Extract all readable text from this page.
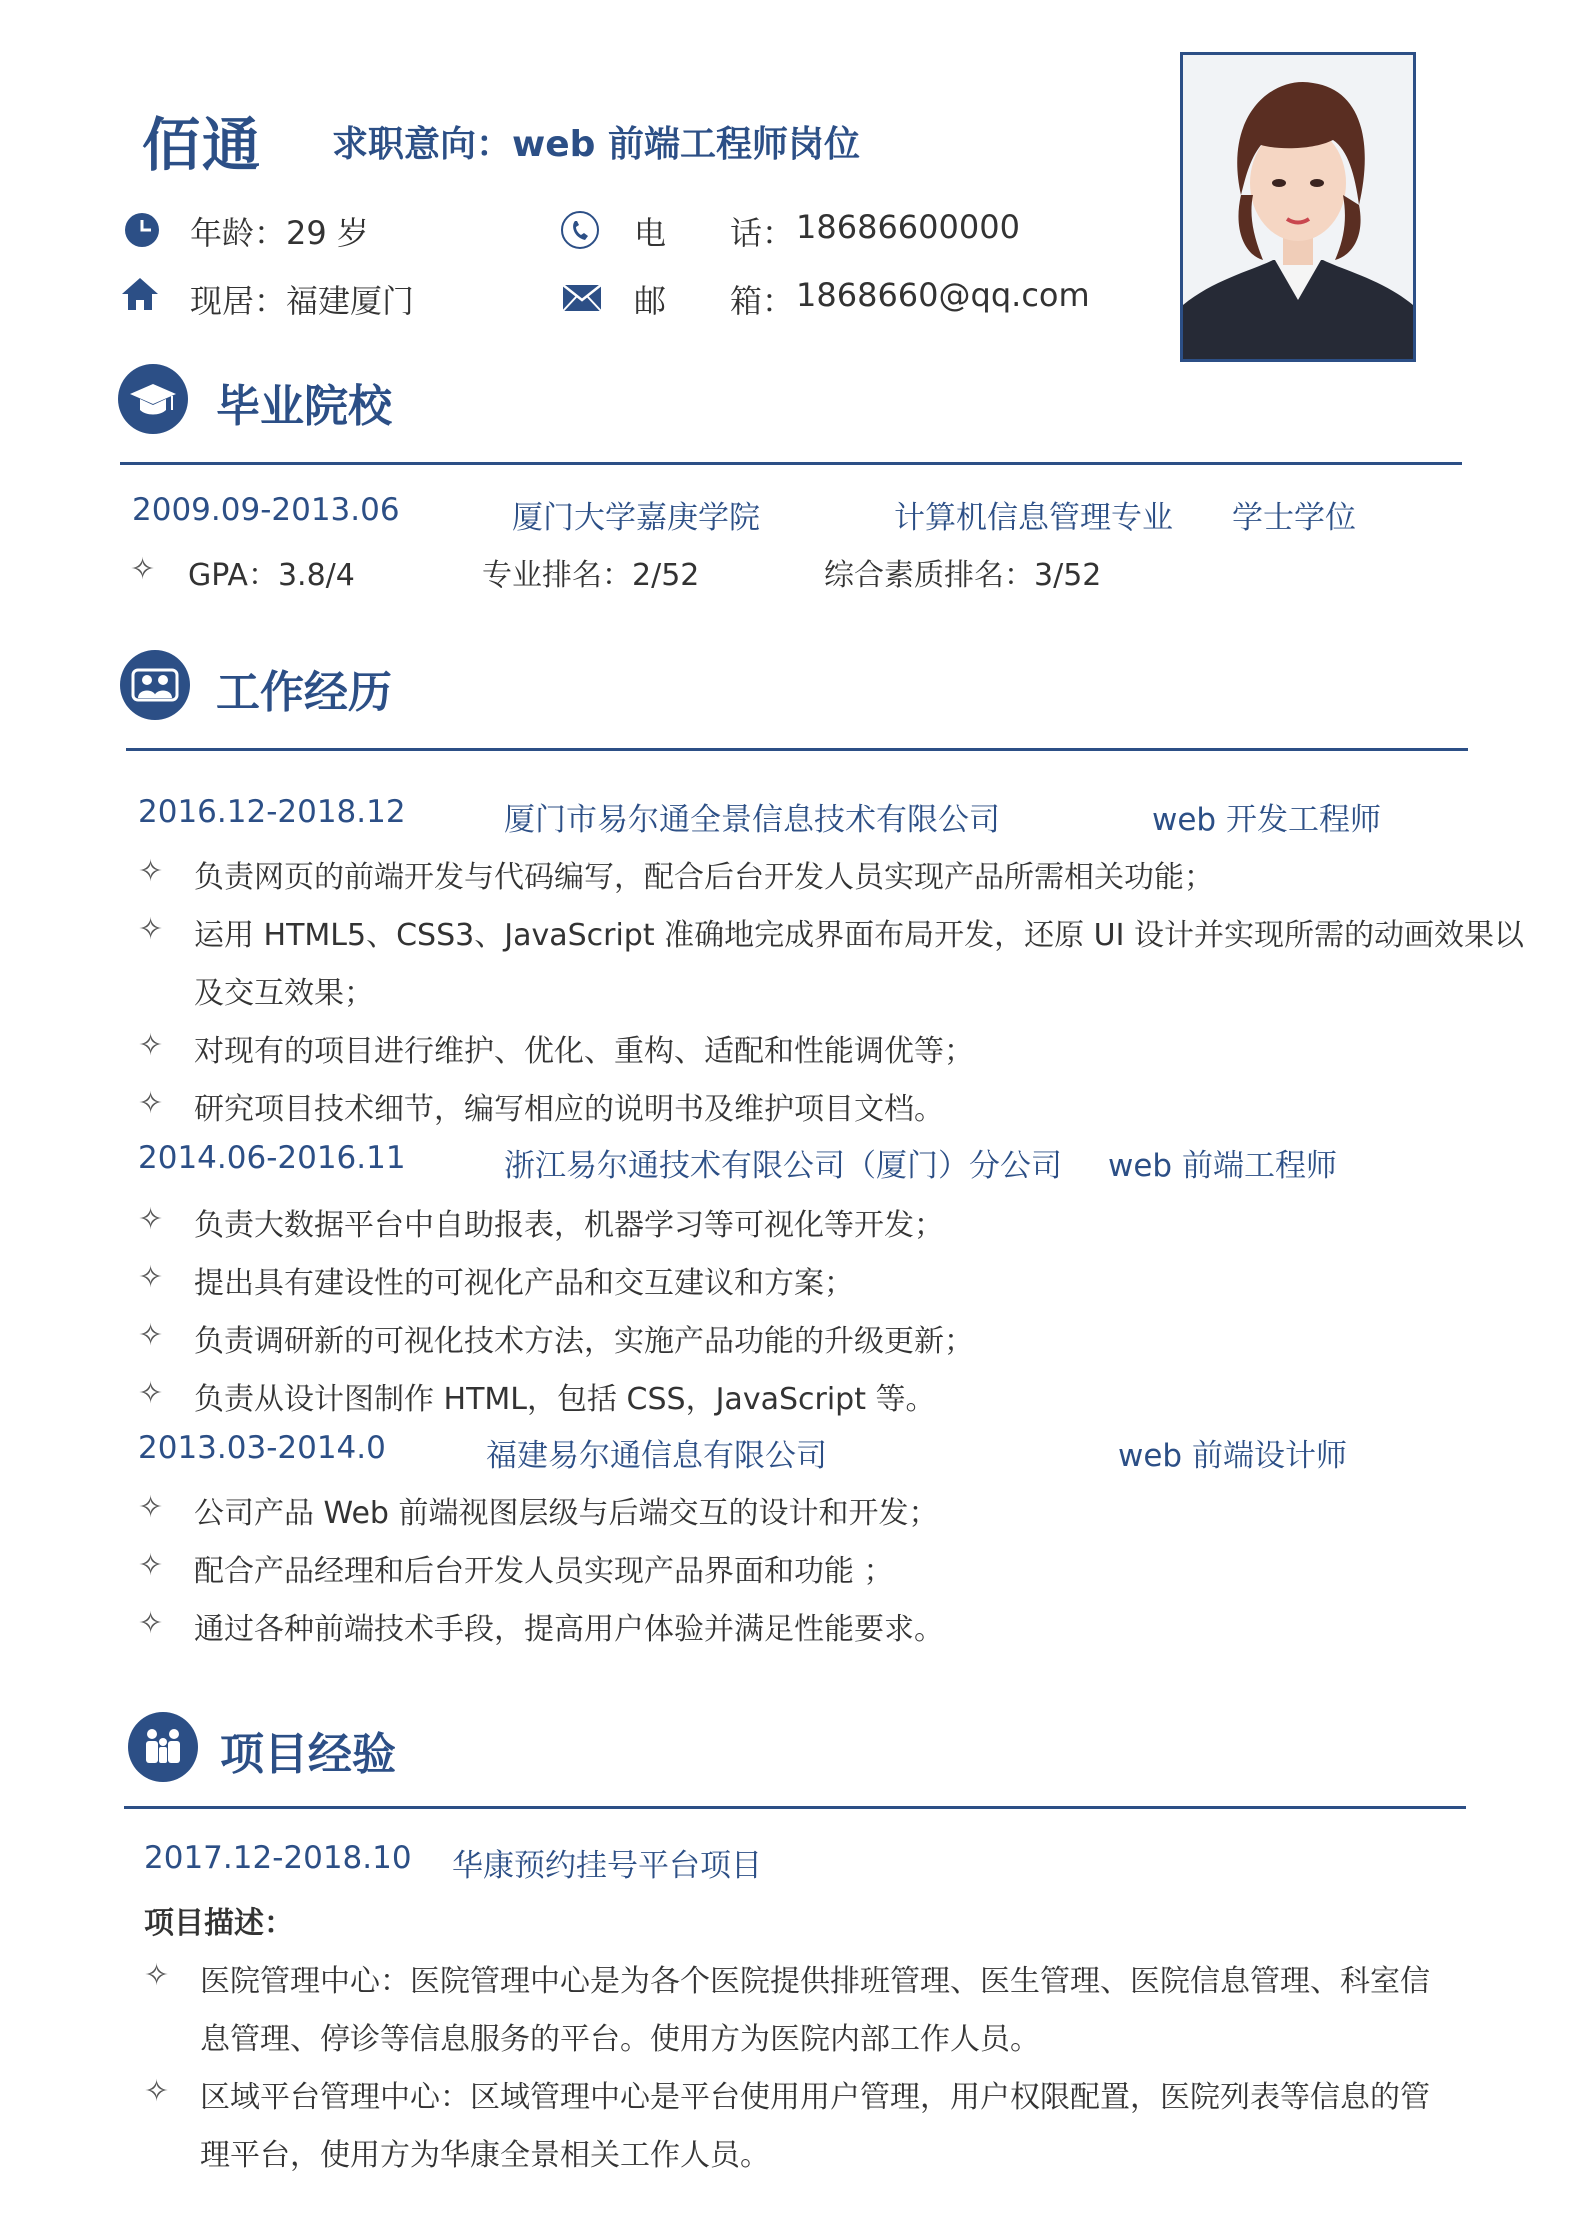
佰通 求职意向：web 前端工程师岗位
年龄：29 岁	电　　话： 18686600000
现居：福建厦门	邮　　箱： 1868660@qq.com
毕业院校
2009.09-2013.06	厦门大学嘉庚学院	计算机信息管理专业 学士学位
✧ GPA：3.8/4	专业排名：2/52	综合素质排名：3/52
工作经历
2016.12-2018.12	厦门市易尔通全景信息技术有限公司	web 开发工程师
✧ 负责网页的前端开发与代码编写，配合后台开发人员实现产品所需相关功能；
✧ 运用 HTML5、CSS3、JavaScript 准确地完成界面布局开发，还原 UI 设计并实现所需的动画效果以
及交互效果；
✧ 对现有的项目进行维护、优化、重构、适配和性能调优等；
✧ 研究项目技术细节，编写相应的说明书及维护项目文档。
2014.06-2016.11	浙江易尔通技术有限公司（厦门）分公司 web 前端工程师
✧ 负责大数据平台中自助报表，机器学习等可视化等开发；
✧ 提出具有建设性的可视化产品和交互建议和方案；
✧ 负责调研新的可视化技术方法，实施产品功能的升级更新；
✧ 负责从设计图制作 HTML，包括 CSS，JavaScript 等。
2013.03-2014.0	福建易尔通信息有限公司	web 前端设计师
✧ 公司产品 Web 前端视图层级与后端交互的设计和开发；
✧ 配合产品经理和后台开发人员实现产品界面和功能 ；
✧ 通过各种前端技术手段，提高用户体验并满足性能要求。
项目经验
2017.12-2018.10 华康预约挂号平台项目
项目描述：
✧ 医院管理中心：医院管理中心是为各个医院提供排班管理、医生管理、医院信息管理、科室信
息管理、停诊等信息服务的平台。使用方为医院内部工作人员。
✧ 区域平台管理中心：区域管理中心是平台使用用户管理，用户权限配置，医院列表等信息的管
理平台，使用方为华康全景相关工作人员。
